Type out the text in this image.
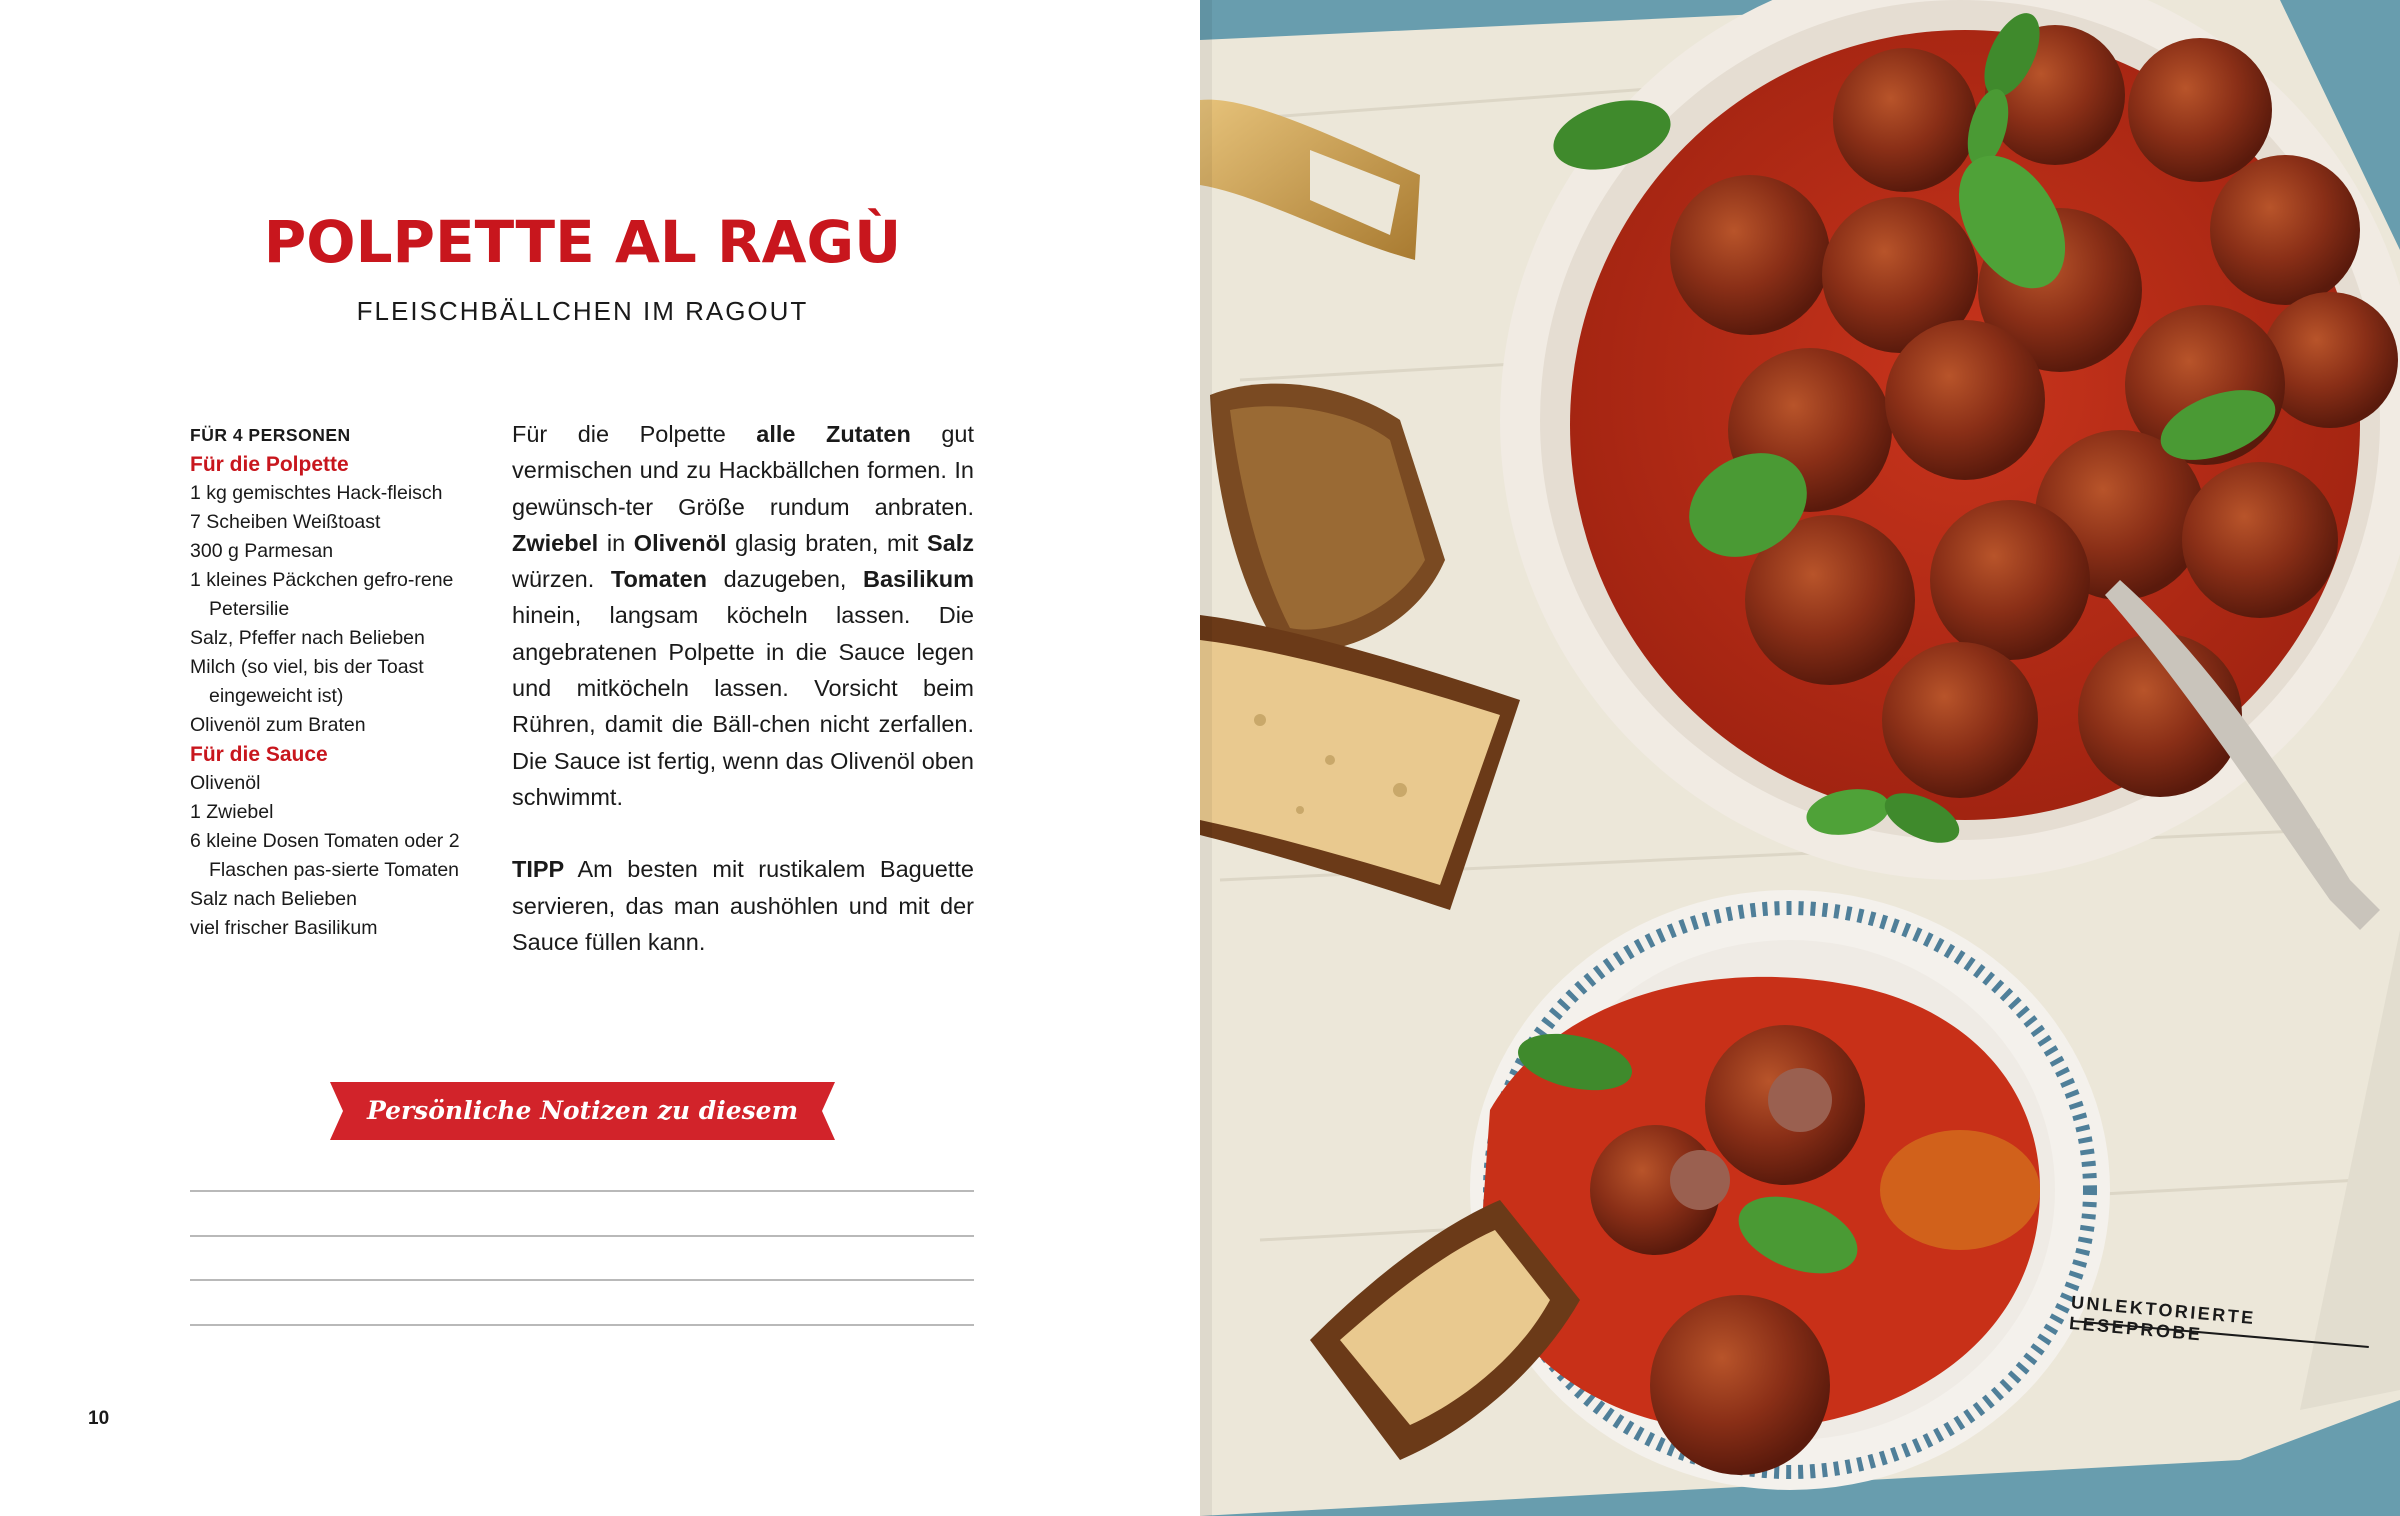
POLPETTE AL RAGÙ
FLEISCHBÄLLCHEN IM RAGOUT
FÜR 4 PERSONEN
Für die Polpette
1 kg gemischtes Hack-fleisch
7 Scheiben Weißtoast
300 g Parmesan
1 kleines Päckchen gefro-rene Petersilie
Salz, Pfeffer nach Belieben
Milch (so viel, bis der Toast eingeweicht ist)
Olivenöl zum Braten
Für die Sauce
Olivenöl
1 Zwiebel
6 kleine Dosen Tomaten oder 2 Flaschen pas-sierte Tomaten
Salz nach Belieben
viel frischer Basilikum

Für die Polpette alle Zutaten gut vermischen und zu Hackbällchen formen. In gewünsch-ter Größe rundum anbraten. Zwiebel in Olivenöl glasig braten, mit Salz würzen. Tomaten dazugeben, Basilikum hinein, langsam köcheln lassen. Die angebratenen Polpette in die Sauce legen und mitköcheln lassen. Vorsicht beim Rühren, damit die Bäll-chen nicht zerfallen. Die Sauce ist fertig, wenn das Olivenöl oben schwimmt.

TIPP Am besten mit rustikalem Baguette servieren, das man aushöhlen und mit der Sauce füllen kann.

Persönliche Notizen zu diesem Rezept
10
UNLEKTORIERTE LESEPROBE
